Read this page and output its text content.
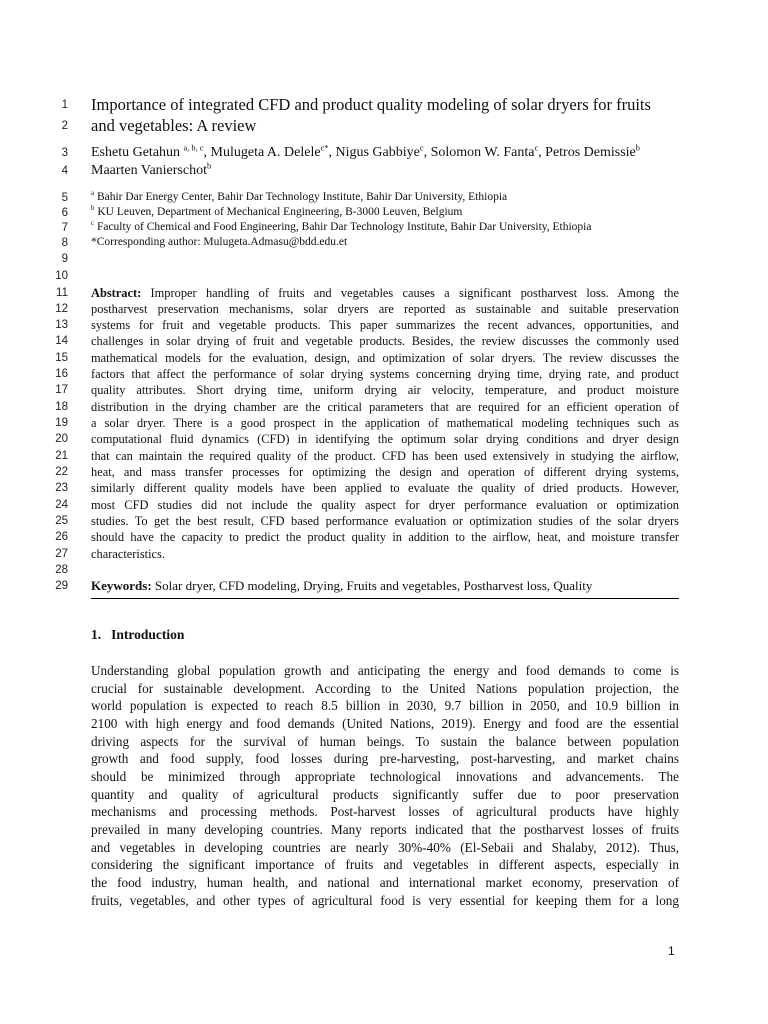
1 Importance of integrated CFD and product quality modeling of solar dryers for fruits
2 and vegetables: A review
3 Eshetu Getahun $^{a, b, c}$, Mulugeta A. Delele$^{c*}$, Nigus Gabbiye$^c$, Solomon W. Fanta$^c$, Petros Demissie$^b$
4 Maarten Vanierschot$^b$
5	$^a$ Bahir Dar Energy Center, Bahir Dar Technology Institute, Bahir Dar University, Ethiopia
6	$^b$ KU Leuven, Department of Mechanical Engineering, B-3000 Leuven, Belgium
7	$^c$ Faculty of Chemical and Food Engineering, Bahir Dar Technology Institute, Bahir Dar University, Ethiopia
8 *Corresponding author: Mulugeta.Admasu@bdd.edu.et
9
10
11 Abstract: Improper handling of fruits and vegetables causes a significant postharvest loss. Among the
12 postharvest preservation mechanisms, solar dryers are reported as sustainable and suitable preservation
13 systems for fruit and vegetable products. This paper summarizes the recent advances, opportunities, and
14 challenges in solar drying of fruit and vegetable products. Besides, the review discusses the commonly used
15 mathematical models for the evaluation, design, and optimization of solar dryers. The review discusses the
16 factors that affect the performance of solar drying systems concerning drying time, drying rate, and product
17 quality attributes. Short drying time, uniform drying air velocity, temperature, and product moisture
18 distribution in the drying chamber are the critical parameters that are required for an efficient operation of
19 a solar dryer. There is a good prospect in the application of mathematical modeling techniques such as
20 computational fluid dynamics (CFD) in identifying the optimum solar drying conditions and dryer design
21 that can maintain the required quality of the product. CFD has been used extensively in studying the airflow,
22 heat, and mass transfer processes for optimizing the design and operation of different drying systems,
23 similarly different quality models have been applied to evaluate the quality of dried products. However,
24 most CFD studies did not include the quality aspect for dryer performance evaluation or optimization
25 studies. To get the best result, CFD based performance evaluation or optimization studies of the solar dryers
26 should have the capacity to predict the product quality in addition to the airflow, heat, and moisture transfer
27 characteristics.
28
29 Keywords: Solar dryer, CFD modeling, Drying, Fruits and vegetables, Postharvest loss, Quality
1. Introduction
Understanding global population growth and anticipating the energy and food demands to come is
crucial for sustainable development. According to the United Nations population projection, the
world population is expected to reach 8.5 billion in 2030, 9.7 billion in 2050, and 10.9 billion in
2100 with high energy and food demands (United Nations, 2019). Energy and food are the essential
driving aspects for the survival of human beings. To sustain the balance between population
growth and food supply, food losses during pre-harvesting, post-harvesting, and market chains
should be minimized through appropriate technological innovations and advancements. The
quantity and quality of agricultural products significantly suffer due to poor preservation
mechanisms and processing methods. Post-harvest losses of agricultural products have highly
prevailed in many developing countries. Many reports indicated that the postharvest losses of fruits
and vegetables in developing countries are nearly 30%-40% (El-Sebaii and Shalaby, 2012). Thus,
considering the significant importance of fruits and vegetables in different aspects, especially in
the food industry, human health, and national and international market economy, preservation of
fruits, vegetables, and other types of agricultural food is very essential for keeping them for a long
1
